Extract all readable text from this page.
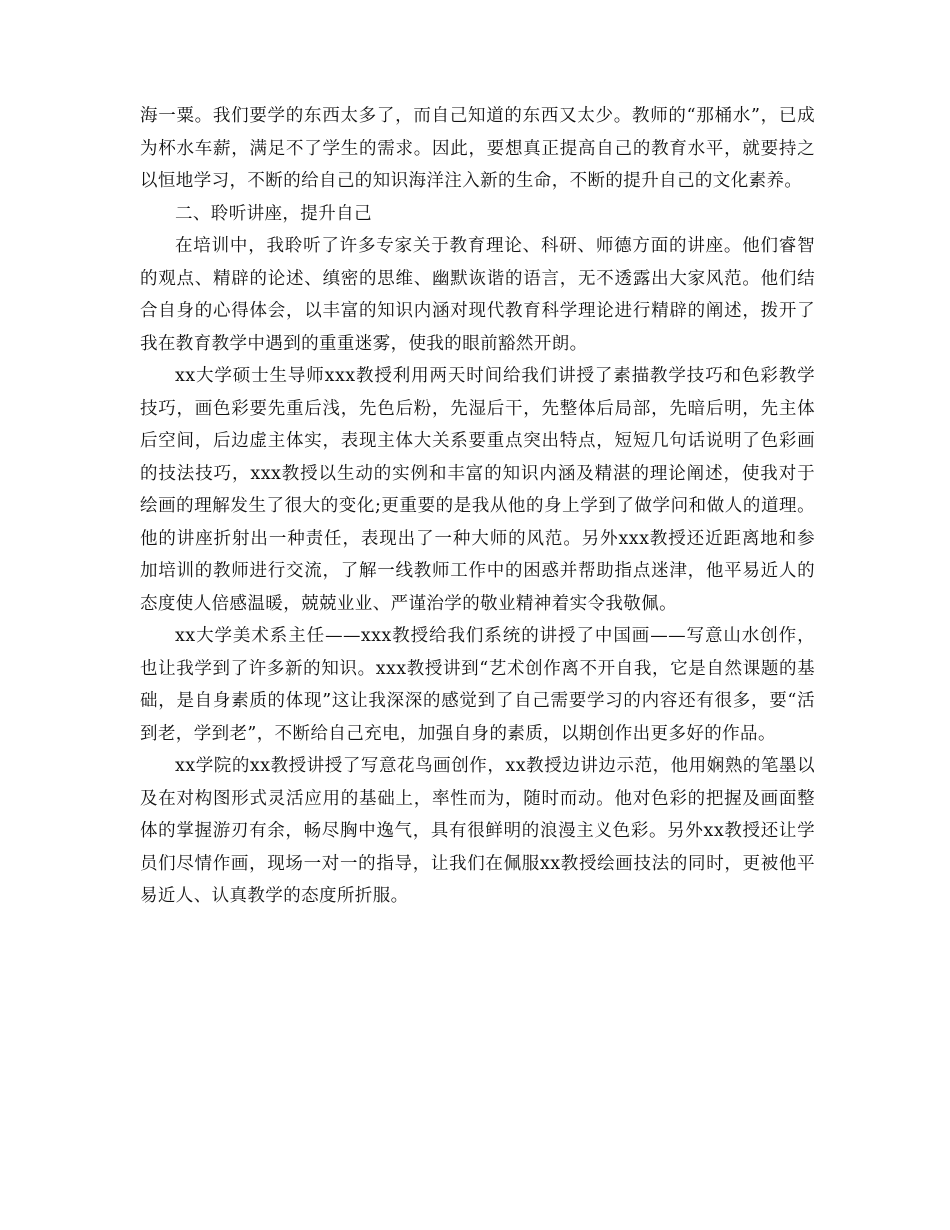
海一粟。我们要学的东西太多了，而自己知道的东西又太少。教师的“那桶水”，已成为杯水车薪，满足不了学生的需求。因此，要想真正提高自己的教育水平，就要持之以恒地学习，不断的给自己的知识海洋注入新的生命，不断的提升自己的文化素养。

二、聆听讲座，提升自己

在培训中，我聆听了许多专家关于教育理论、科研、师德方面的讲座。他们睿智的观点、精辟的论述、缜密的思维、幽默诙谐的语言，无不透露出大家风范。他们结合自身的心得体会，以丰富的知识内涵对现代教育科学理论进行精辟的阐述，拨开了我在教育教学中遇到的重重迷雾，使我的眼前豁然开朗。

xx大学硕士生导师xxx教授利用两天时间给我们讲授了素描教学技巧和色彩教学技巧，画色彩要先重后浅，先色后粉，先湿后干，先整体后局部，先暗后明，先主体后空间，后边虚主体实，表现主体大关系要重点突出特点，短短几句话说明了色彩画的技法技巧，xxx教授以生动的实例和丰富的知识内涵及精湛的理论阐述，使我对于绘画的理解发生了很大的变化;更重要的是我从他的身上学到了做学问和做人的道理。他的讲座折射出一种责任，表现出了一种大师的风范。另外xxx教授还近距离地和参加培训的教师进行交流，了解一线教师工作中的困惑并帮助指点迷津，他平易近人的态度使人倍感温暖，兢兢业业、严谨治学的敬业精神着实令我敬佩。

xx大学美术系主任——xxx教授给我们系统的讲授了中国画——写意山水创作，也让我学到了许多新的知识。xxx教授讲到“艺术创作离不开自我，它是自然课题的基础，是自身素质的体现”这让我深深的感觉到了自己需要学习的内容还有很多，要“活到老，学到老”，不断给自己充电，加强自身的素质，以期创作出更多好的作品。

xx学院的xx教授讲授了写意花鸟画创作，xx教授边讲边示范，他用娴熟的笔墨以及在对构图形式灵活应用的基础上，率性而为，随时而动。他对色彩的把握及画面整体的掌握游刃有余，畅尽胸中逸气，具有很鲜明的浪漫主义色彩。另外xx教授还让学员们尽情作画，现场一对一的指导，让我们在佩服xx教授绘画技法的同时，更被他平易近人、认真教学的态度所折服。
